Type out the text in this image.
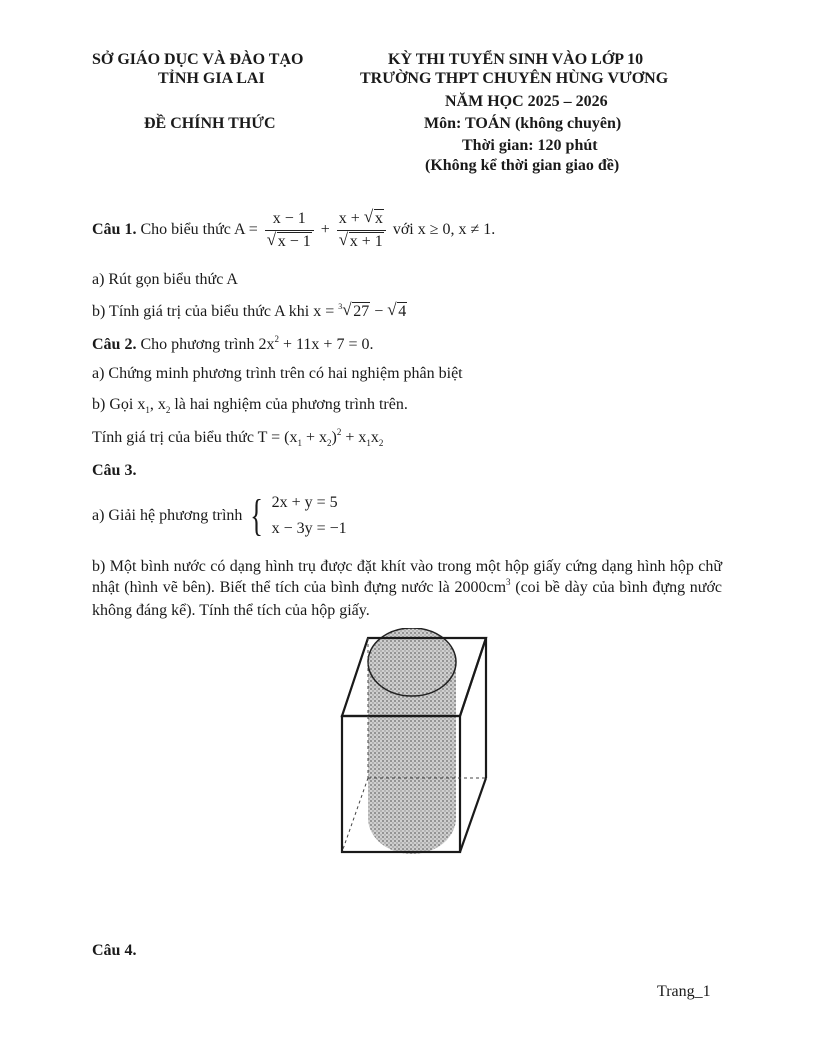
SỞ GIÁO DỤC VÀ ĐÀO TẠO
TỈNH GIA LAI
ĐỀ CHÍNH THỨC
KỲ THI TUYỂN SINH VÀO LỚP 10
TRƯỜNG THPT CHUYÊN HÙNG VƯƠNG
NĂM HỌC 2025 – 2026
Môn: TOÁN (không chuyên)
Thời gian: 120 phút
(Không kể thời gian giao đề)
Câu 1. Cho biểu thức $A = \frac{x - 1}{√ x - 1} + \frac{x + √ x}{√ x + 1}$ với x ≥ 0, x ≠ 1.
a) Rút gọn biểu thức A
b) Tính giá trị của biểu thức A khi x = $^3$√ 27 − √ 4
Câu 2. Cho phương trình $2x^2 + 11x + 7 = 0$.
a) Chứng minh phương trình trên có hai nghiệm phân biệt
b) Gọi $x_1$, $x_2$ là hai nghiệm của phương trình trên.
Tính giá trị của biểu thức $T = (x_1 + x_2)^2 + x_1x_2$
Câu 3.
a) Giải hệ phương trình { 2x + y = 5
x − 3y = −1
b) Một bình nước có dạng hình trụ được đặt khít vào trong một hộp giấy cứng dạng hình hộp chữ nhật (hình vẽ bên). Biết thể tích của bình đựng nước là $2000cm^3$ (coi bề dày của bình đựng nước không đáng kể). Tính thể tích của hộp giấy.
Câu 4.
Trang_1
